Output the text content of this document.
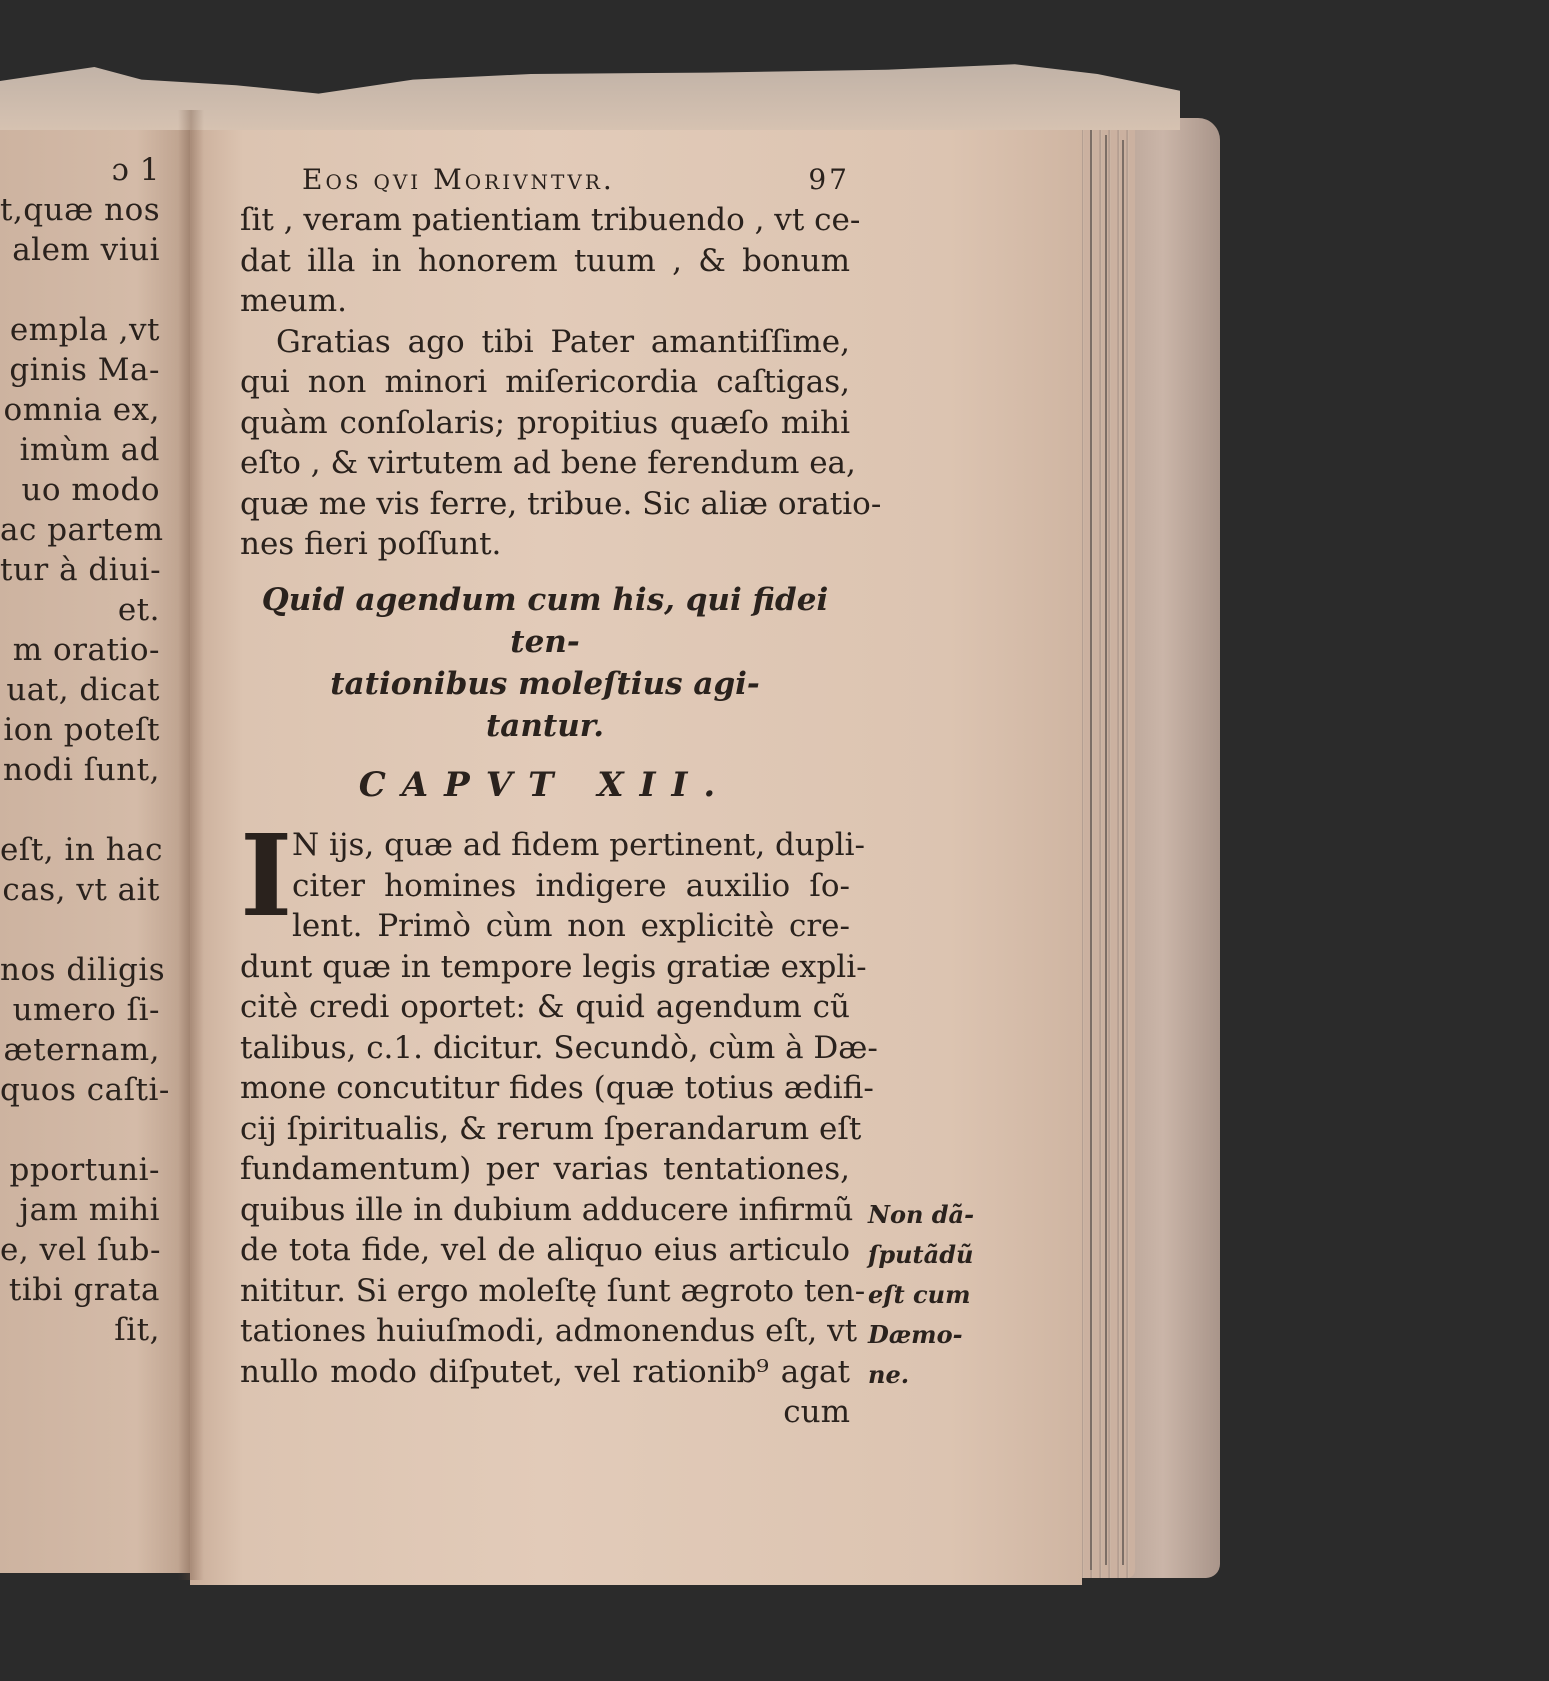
ɔ 1
t,quæ nos
alem viui

empla ,vt
ginis Ma-
omnia ex,
imùm ad
uo modo
ac partem
tur à diui-
et.
m oratio-
uat, dicat
ion poteſt
nodi ſunt,

eſt, in hac
cas, vt ait

nos diligis
umero ſi-
æternam,
quos caſti-

pportuni-
jam mihi
e, vel ſub-
tibi grata
ſit,
Eos qvi Morivntvr.	97
ſit , veram patientiam tribuendo , vt ce-
dat illa in honorem tuum , & bonum
meum.
Gratias ago tibi Pater amantiſſime,
qui non minori miſericordia caſtigas,
quàm conſolaris; propitius quæſo mihi
eſto , & virtutem ad bene ferendum ea,
quæ me vis ferre, tribue. Sic aliæ oratio-
nes fieri poſſunt.
Quid agendum cum his, qui fidei ten-
tationibus moleſtius agi-
tantur.
CAPVT XII.
I N ijs, quæ ad fidem pertinent, dupli-
citer homines indigere auxilio ſo-
lent. Primò cùm non explicitè cre-
dunt quæ in tempore legis gratiæ expli-
citè credi oportet: & quid agendum cũ
talibus, c.1. dicitur. Secundò, cùm à Dæ-
mone concutitur fides (quæ totius ædifi-
cij ſpiritualis, & rerum ſperandarum eſt
fundamentum) per varias tentationes,
quibus ille in dubium adducere infirmũ
de tota fide, vel de aliquo eius articulo
nititur. Si ergo moleſtę ſunt ægroto ten-
tationes huiuſmodi, admonendus eſt, vt
nullo modo diſputet, vel rationib⁹ agat
cum
Non dã-
ſputãdũ
eſt cum
Dæmo-
ne.
